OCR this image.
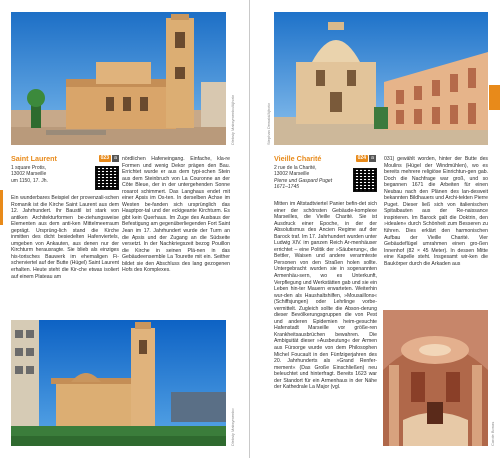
Dleksiy Maksymenko/Ajhoto
Saint Laurent	023	a
1 square Protis,
13002 Marseille
um 1150, 17. Jh.
Ein wunderbares Beispiel der provenzali-schen Romanik ist die Kirche Saint Laurent aus dem 12. Jahrhundert. Ihr Baustil ist stark von antiken Architekturformen be-ziehungsweise Elementen aus dem anti-ken Mittelmeerraum geprägt. Ursprüng-lich stand die Kirche inmitten des dicht besiedelten Hafenviertels, umgeben von Ankauten, aus denen nur der Kirchturm herausragte. Sie blieb als einziges his-torisches Bauwerk im ehemaligen Fi-scherviertel auf der Butte (Hügel) Saint Laurent erhalten. Heute steht die Kir-che etwas isoliert auf einem Plateau am
nördlichen Hafeneingang. Einfache, kla-re Formen und wenig Dekor prägen den Bau. Errichtet wurde er aus dem typi-schen Stein aus dem Steinbruch von La Couronne an der Côte Bleue, der in der untergehenden Sonne rosarot schimmert. Das Langhaus endet mit einer Apsis im Os-ten. In derselben Achse im Westen be-fanden sich ursprünglich das Hauptpor-tal und der eckigeante Kirchturm. Es gibt kein Querhaus. Im Zuge des Ausbaus der Befestigung am gegenüberliegenden Fort Saint Jean im 17. Jahrhundert wurde der Turm an die Apsis und der Zugang an die Südseite versetzt. In der Nachkriegszeit bezog Pouillon die Kirche in seinen Plä-nen in das Gebäudeensemble La Tourette mit ein. Seither bildet sie den Abschluss des lang gezogenen Hofs des Komplexes.
Dleksiy Maksymenko
Stephan Dewald/Ajhoto
Vieille Charité	024	a
2 rue de la Charité,
13002 Marseille
Pierre und Gaspard Puget
1671–1745
Mitten im Altstadtviertel Panier befin-det sich einer der schönsten Gebäude-komplexe Marseilles, die Vieille Charité. Sie ist Ausdruck einer Epoche, in der der Absolutismus des Ancien Regime auf der Barock traf. Im 17. Jahrhundert wurden unter Ludwig XIV. im ganzen Reich Ar-menhäuser errichtet – eine Politik der »Säuberung«, die Bettler, Waisen und andere verarmteste Personen von den Straßen holen sollte. Untergebracht wurden sie in sogenannten Armenhäu-sern, wo es Unterkunft, Verpflegung und Werkstätten gab und sie ein Leben hin-ter Mauern erwarteten. Weiterhin wur-den als Haushaltshilfen, »Mousaillons« (Schiffsjungen) oder Lehrlinge vorbe-vermittelt. Zugleich sollte die Abson-derung dieser Bevölkerungsgruppen die von Pest und anderen Epidemien heim-gesuchte Hafenstadt Marseille vor größe-ren Krankheitsausbrüchen bewahren. Die Ambiguität dieser »Ausbeutung« der Armen aus Fürsorge wurde von dem Philosophen Michel Foucault in den Fünfzigerjahren des 20. Jahrhunderts als »Grand Renfer-mement« (Das Große Einschließen) neu beleuchtet und hinterfragt. Bereits 1623 war der Standort für ein Armenhaus in der Nähe der Kathedrale La Major (vgl.
031) gewählt worden, hinter der Butte des Moulins (Hügel der Windmühlen), wo es bereits mehrere religiöse Einrichtun-gen gab. Doch die Nachfrage war groß, und so begannen 1671 die Arbeiten für einen Neubau nach den Plänen des lan-desweit bekannten Bildhauers und Archi-tekten Pierre Puget. Dieser ließ sich von italienischen Spitalbauten aus der Re-naissance inspirieren. Im Barock galt die Doktrin, den »idealen« durch Schönheit zum Besseren zu führen. Dies erklärt den harmonischen Aufbau der Vieille Charité. Vier Gebäudeflügel umrahmen einen gro-ßen Innenhof (82 × 45 Meter). In dessen Mitte eine Kapelle steht. Insgesamt wir-ken die Baukörper durch die Arkaden aus
Carole Bonas
